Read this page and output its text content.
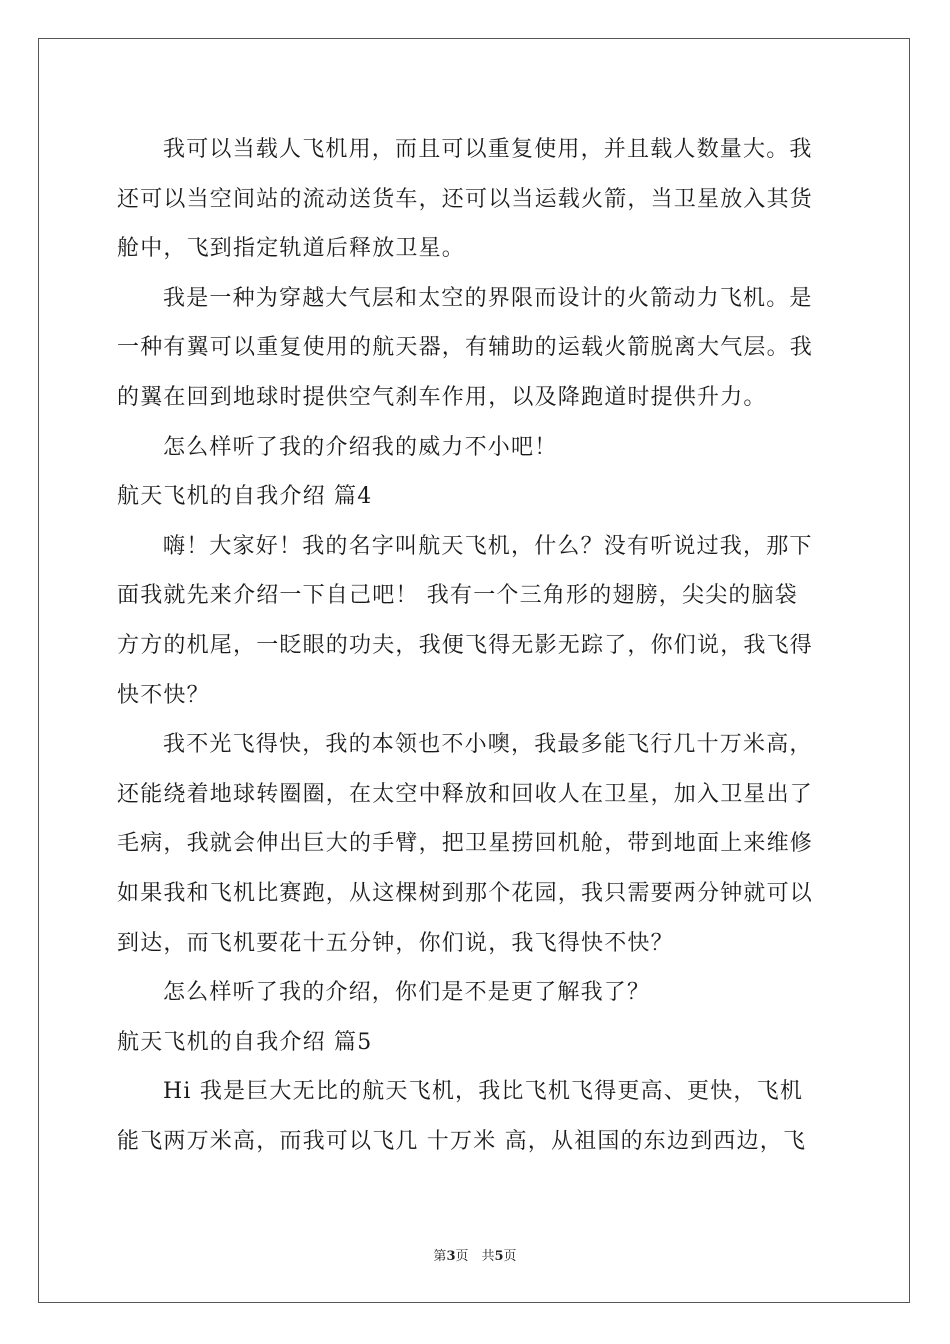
我可以当载人飞机用，而且可以重复使用，并且载人数量大。我
还可以当空间站的流动送货车，还可以当运载火箭，当卫星放入其货
舱中，飞到指定轨道后释放卫星。
我是一种为穿越大气层和太空的界限而设计的火箭动力飞机。是
一种有翼可以重复使用的航天器，有辅助的运载火箭脱离大气层。我
的翼在回到地球时提供空气刹车作用，以及降跑道时提供升力。
怎么样听了我的介绍我的威力不小吧！
航天飞机的自我介绍 篇4
嗨！大家好！我的名字叫航天飞机，什么？没有听说过我，那下
面我就先来介绍一下自己吧！ 我有一个三角形的翅膀，尖尖的脑袋
方方的机尾，一眨眼的功夫，我便飞得无影无踪了，你们说，我飞得
快不快？
我不光飞得快，我的本领也不小噢，我最多能飞行几十万米高，
还能绕着地球转圈圈，在太空中释放和回收人在卫星，加入卫星出了
毛病，我就会伸出巨大的手臂，把卫星捞回机舱，带到地面上来维修
如果我和飞机比赛跑，从这棵树到那个花园，我只需要两分钟就可以
到达，而飞机要花十五分钟，你们说，我飞得快不快？
怎么样听了我的介绍，你们是不是更了解我了？
航天飞机的自我介绍 篇5
Hi 我是巨大无比的航天飞机，我比飞机飞得更高、更快，飞机
能飞两万米高，而我可以飞几 十万米 高，从祖国的东边到西边，飞
第3页　共5页
